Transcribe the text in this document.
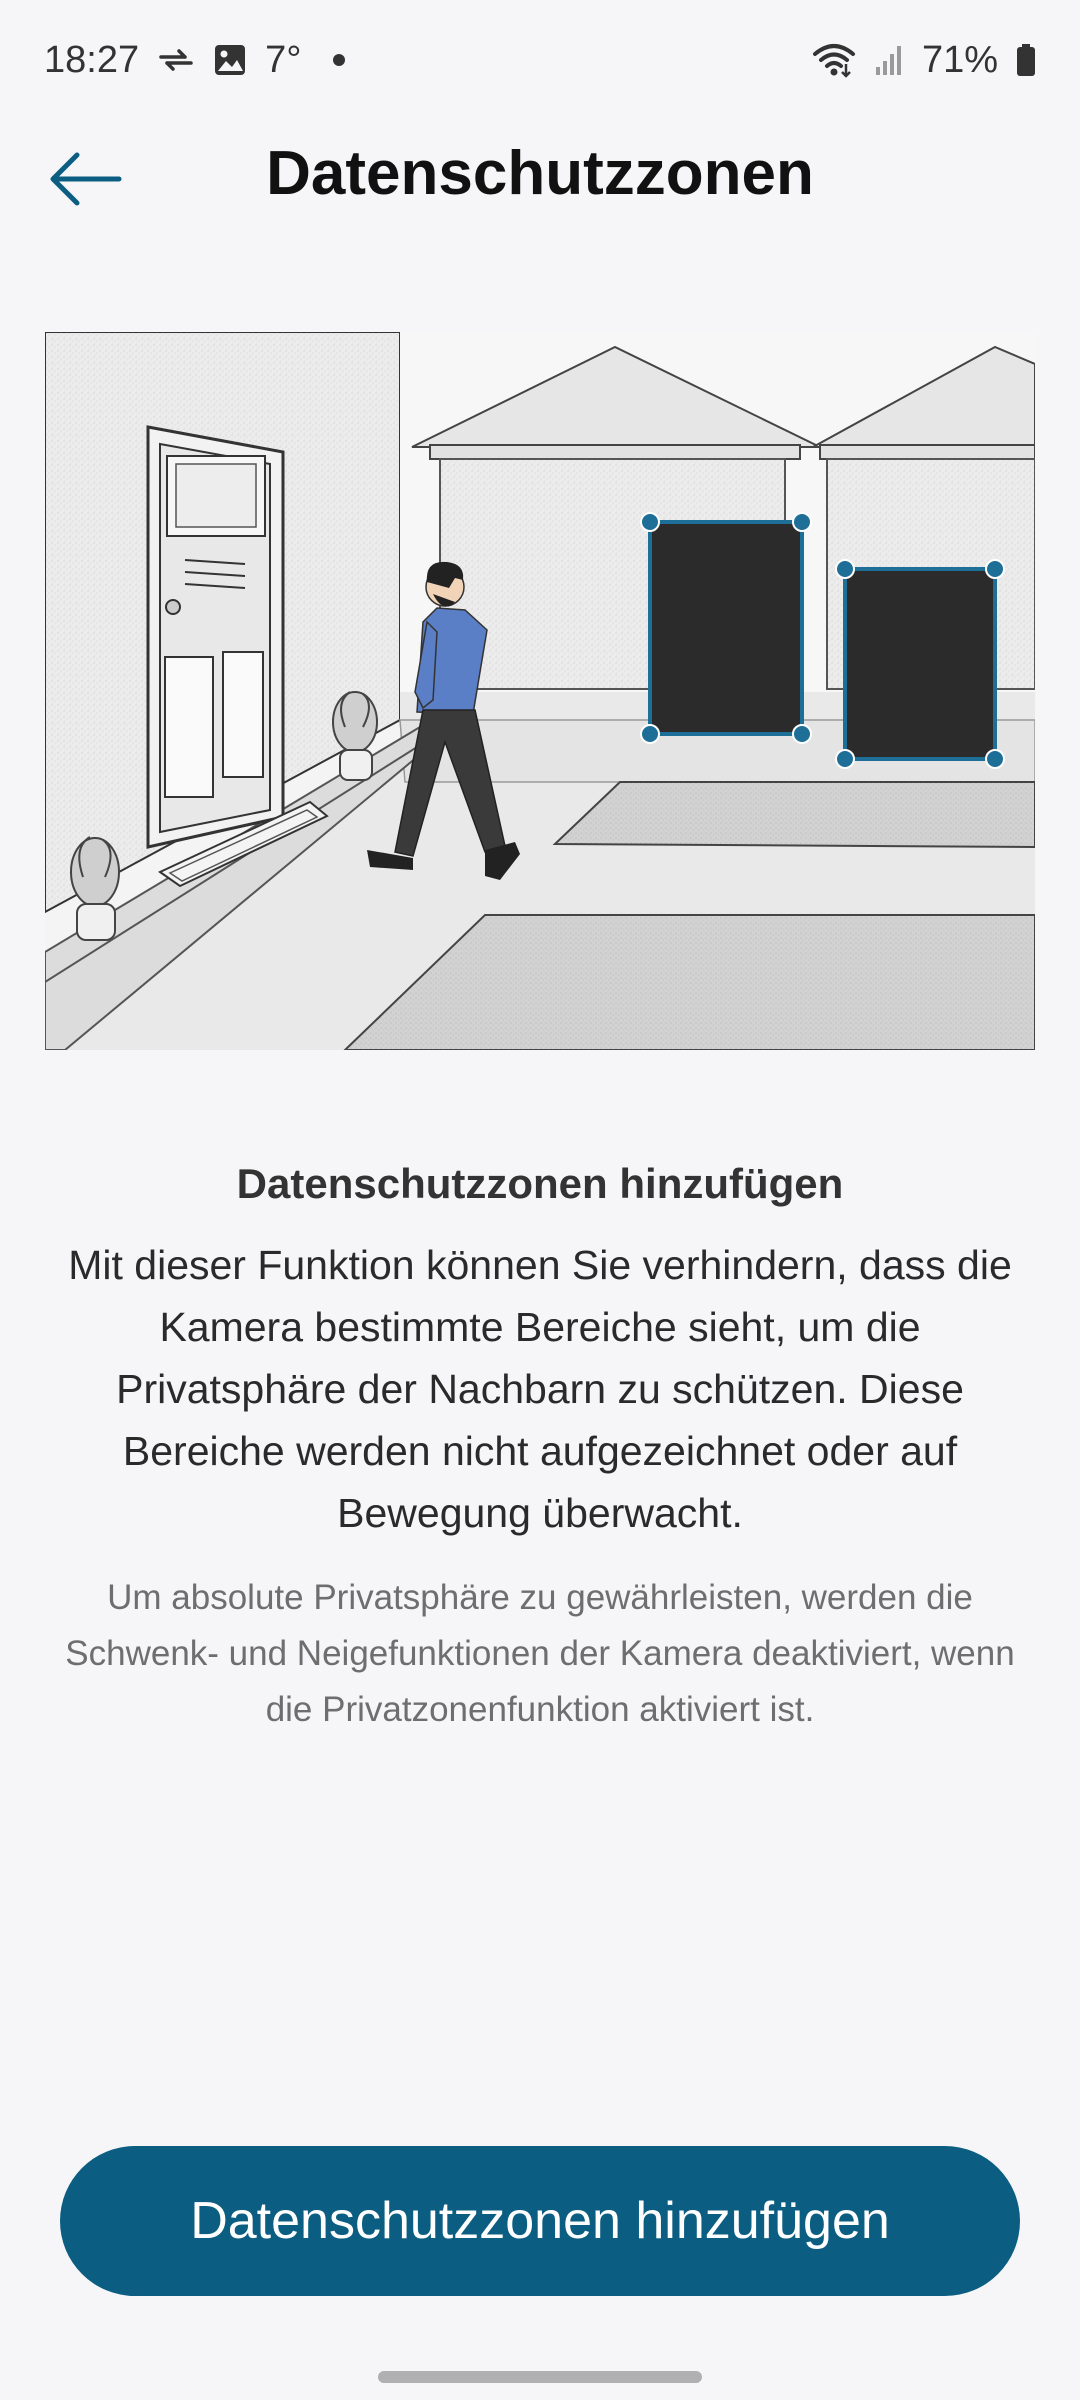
18:27	7°	71%
Datenschutzzonen
Datenschutzzonen hinzufügen

Mit dieser Funktion können Sie verhindern, dass die Kamera bestimmte Bereiche sieht, um die Privatsphäre der Nachbarn zu schützen. Diese Bereiche werden nicht aufgezeichnet oder auf Bewegung überwacht.

Um absolute Privatsphäre zu gewährleisten, werden die Schwenk- und Neigefunktionen der Kamera deaktiviert, wenn die Privatzonenfunktion aktiviert ist.

Datenschutzzonen hinzufügen
